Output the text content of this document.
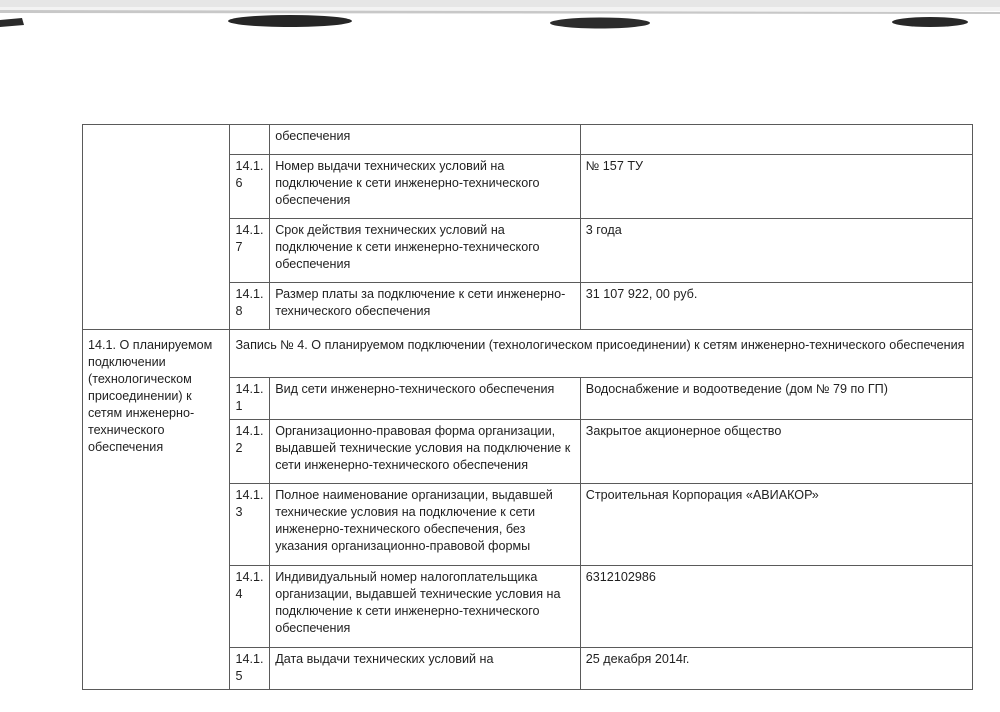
		обеспечения	
	14.1.6	Номер выдачи технических условий на подключение к сети инженерно-технического обеспечения	№ 157 ТУ
	14.1.7	Срок действия технических условий на подключение к сети инженерно-технического обеспечения	3 года
	14.1.8	Размер платы за подключение к сети инженерно-технического обеспечения	31 107 922, 00 руб.
14.1. О планируемом подключении (технологическом присоединении) к сетям инженерно-технического обеспечения	Запись № 4. О планируемом подключении (технологическом присоединении) к сетям инженерно-технического обеспечения		
	14.1.1	Вид сети инженерно-технического обеспечения	Водоснабжение и водоотведение (дом № 79 по ГП)
	14.1.2	Организационно-правовая форма организации, выдавшей технические условия на подключение к сети инженерно-технического обеспечения	Закрытое акционерное общество
	14.1.3	Полное наименование организации, выдавшей технические условия на подключение к сети инженерно-технического обеспечения, без указания организационно-правовой формы	Строительная Корпорация «АВИАКОР»
	14.1.4	Индивидуальный номер налогоплательщика организации, выдавшей технические условия на подключение к сети инженерно-технического обеспечения	6312102986
	14.1.5	Дата выдачи технических условий на	25 декабря 2014г.
